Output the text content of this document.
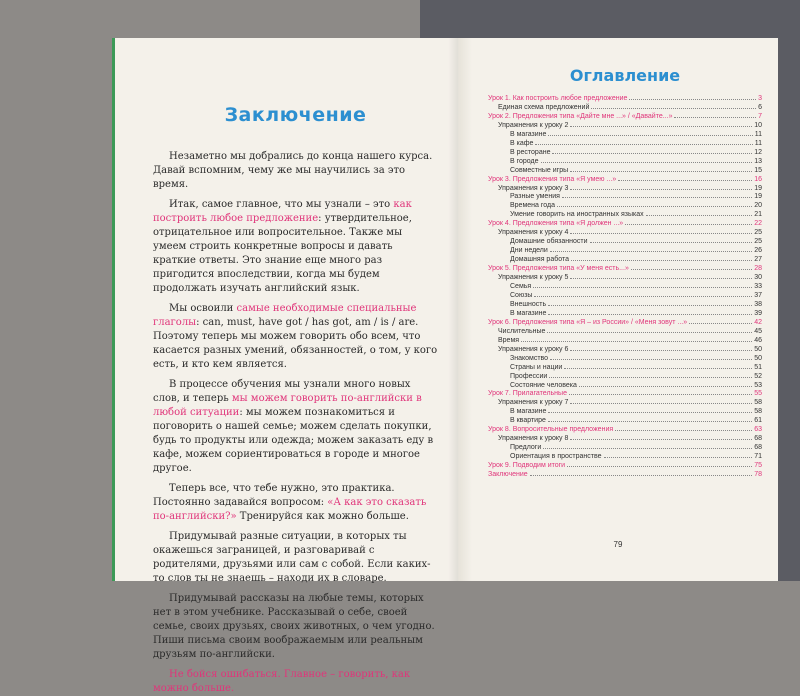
Заключение

Незаметно мы добрались до конца нашего курса. Давай вспомним, чему же мы научились за это время.

Итак, самое главное, что мы узнали – это как построить любое предложение: утвердительное, отрицательное или вопросительное. Также мы умеем строить конкретные вопросы и давать краткие ответы. Это знание еще много раз пригодится впоследствии, когда мы будем продолжать изучать английский язык.

Мы освоили самые необходимые специальные глаголы: can, must, have got / has got, am / is / are. Поэтому теперь мы можем говорить обо всем, что касается разных умений, обязанностей, о том, у кого есть, и кто кем является.

В процессе обучения мы узнали много новых слов, и теперь мы можем говорить по-английски в любой ситуации: мы можем познакомиться и поговорить о нашей семье; можем сделать покупки, будь то продукты или одежда; можем заказать еду в кафе, можем сориентироваться в городе и многое другое.

Теперь все, что тебе нужно, это практика. Постоянно задавайся вопросом: «А как это сказать по-английски?» Тренируйся как можно больше.

Придумывай разные ситуации, в которых ты окажешься заграницей, и разговаривай с родителями, друзьями или сам с собой. Если каких-то слов ты не знаешь – находи их в словаре.

Придумывай рассказы на любые темы, которых нет в этом учебнике. Рассказывай о себе, своей семье, своих друзьях, своих животных, о чем угодно. Пиши письма своим воображаемым или реальным друзьям по-английски.

Не бойся ошибаться. Главное – говорить, как можно больше.

Оглавление
Урок 1. Как построить любое предложение	3
Единая схема предложений	6
Урок 2. Предложения типа «Дайте мне ...» / «Давайте...»	7
Упражнения к уроку 2	10
В магазине	11
В кафе	11
В ресторане	12
В городе	13
Совместные игры	15
Урок 3. Предложения типа «Я умею ...»	16
Упражнения к уроку 3	19
Разные умения	19
Времена года	20
Умение говорить на иностранных языках	21
Урок 4. Предложения типа «Я должен ...»	22
Упражнения к уроку 4	25
Домашние обязанности	25
Дни недели	26
Домашняя работа	27
Урок 5. Предложения типа «У меня есть...»	28
Упражнения к уроку 5	30
Семья	33
Союзы	37
Внешность	38
В магазине	39
Урок 6. Предложения типа «Я – из России» / «Меня зовут ...»	42
Числительные	45
Время	46
Упражнения к уроку 6	50
Знакомство	50
Страны и нации	51
Профессии	52
Состояние человека	53
Урок 7. Прилагательные	55
Упражнения к уроку 7	58
В магазине	58
В квартире	61
Урок 8. Вопросительные предложения	63
Упражнения к уроку 8	68
Предлоги	68
Ориентация в пространстве	71
Урок 9. Подводим итоги	75
Заключение	78
79
